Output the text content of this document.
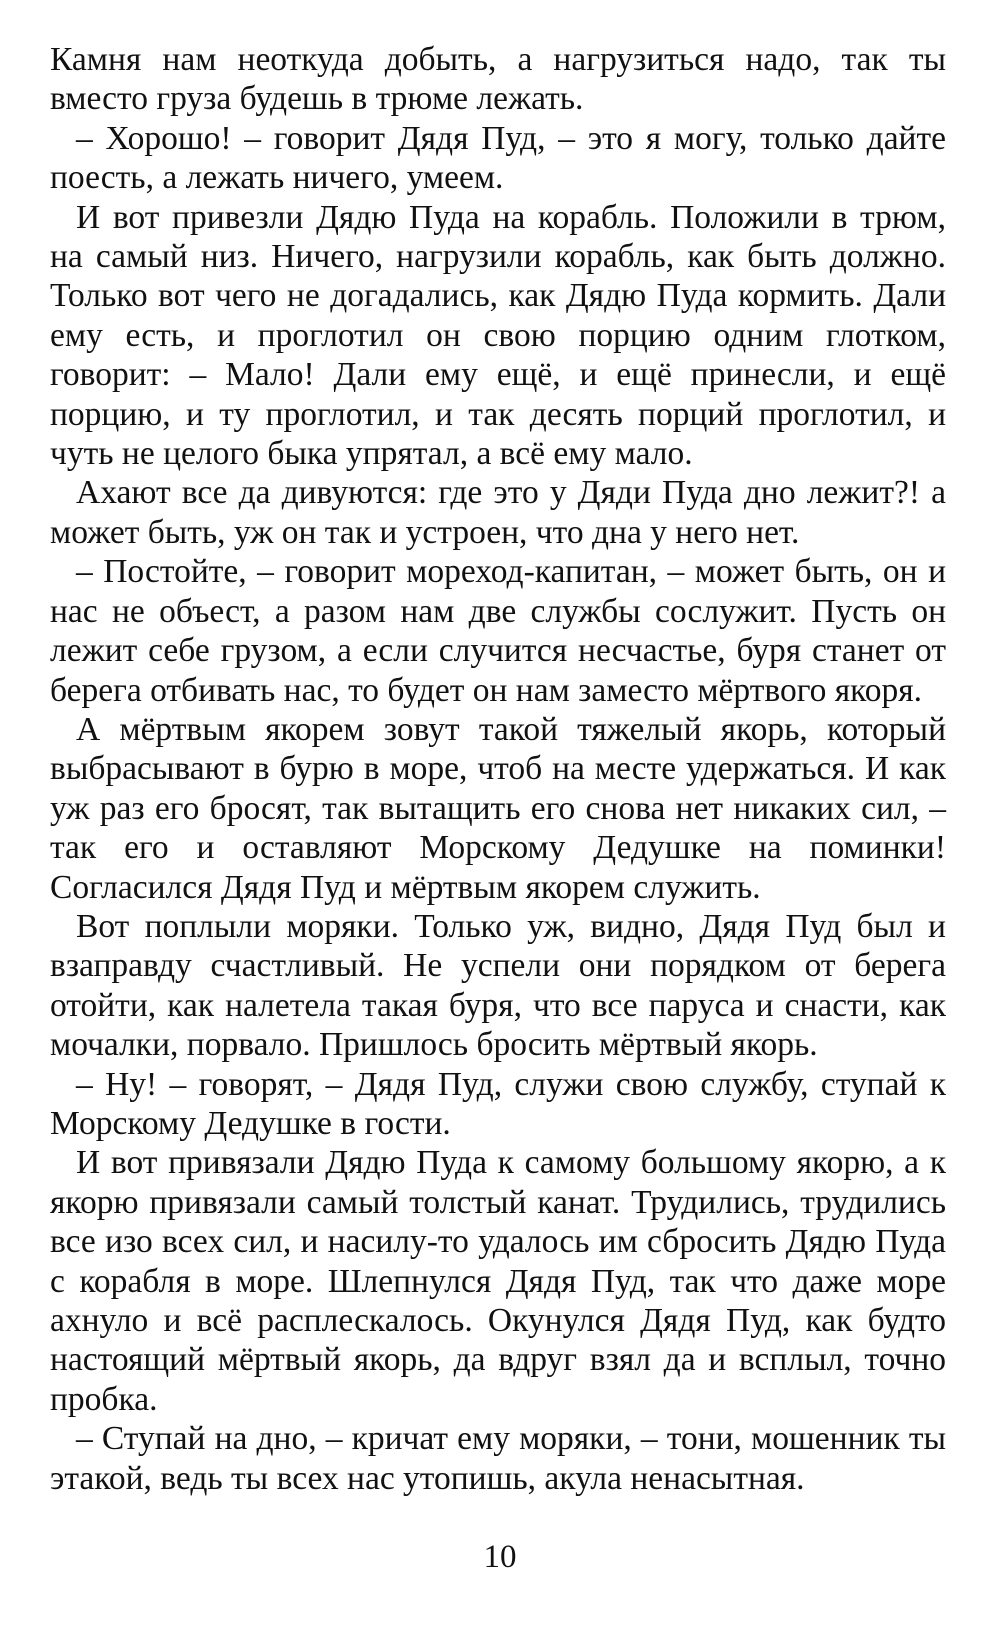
Камня нам неоткуда добыть, а нагрузиться надо, так ты вместо груза будешь в трюме лежать.

– Хорошо! – говорит Дядя Пуд, – это я могу, только дайте поесть, а лежать ничего, умеем.

И вот привезли Дядю Пуда на корабль. Положили в трюм, на самый низ. Ничего, нагрузили корабль, как быть должно. Только вот чего не догадались, как Дядю Пуда кормить. Дали ему есть, и проглотил он свою порцию одним глотком, говорит: – Мало! Дали ему ещё, и ещё принесли, и ещё порцию, и ту проглотил, и так десять порций проглотил, и чуть не целого быка упрятал, а всё ему мало.

Ахают все да дивуются: где это у Дяди Пуда дно лежит?! а может быть, уж он так и устроен, что дна у него нет.

– Постойте, – говорит мореход-капитан, – может быть, он и нас не объест, а разом нам две службы сослужит. Пусть он лежит себе грузом, а если случится несчастье, буря станет от берега отбивать нас, то будет он нам заместо мёртвого якоря.

А мёртвым якорем зовут такой тяжелый якорь, который выбрасывают в бурю в море, чтоб на месте удержаться. И как уж раз его бросят, так вытащить его снова нет никаких сил, – так его и оставляют Морскому Дедушке на поминки! Согласился Дядя Пуд и мёртвым якорем служить.

Вот поплыли моряки. Только уж, видно, Дядя Пуд был и взаправду счастливый. Не успели они порядком от берега отойти, как налетела такая буря, что все паруса и снасти, как мочалки, порвало. Пришлось бросить мёртвый якорь.

– Ну! – говорят, – Дядя Пуд, служи свою службу, ступай к Морскому Дедушке в гости.

И вот привязали Дядю Пуда к самому большому якорю, а к якорю привязали самый толстый канат. Трудились, трудились все изо всех сил, и насилу-то удалось им сбросить Дядю Пуда с корабля в море. Шлепнулся Дядя Пуд, так что даже море ахнуло и всё расплескалось. Окунулся Дядя Пуд, как будто настоящий мёртвый якорь, да вдруг взял да и всплыл, точно пробка.

– Ступай на дно, – кричат ему моряки, – тони, мошенник ты этакой, ведь ты всех нас утопишь, акула ненасытная.

10
